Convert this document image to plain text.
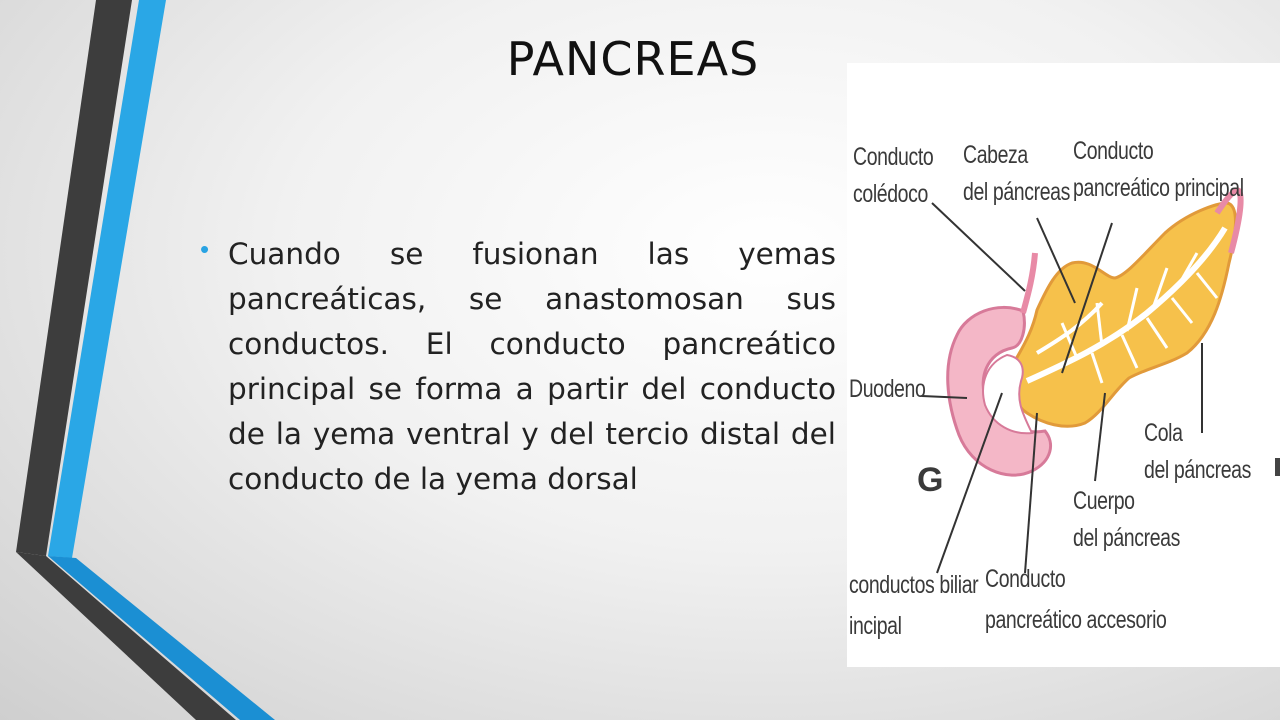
PANCREAS
• Cuando se fusionan las yemas pancreáticas, se anastomosan sus conductos. El conducto pancreático principal se forma a partir del conducto de la yema ventral y del tercio distal del conducto de la yema dorsal
Conducto
colédoco
Cabeza
del páncreas
Conducto
pancreático principal
Duodeno
G
Cola
del páncreas
Cuerpo
del páncreas
conductos biliar
incipal
Conducto
pancreático accesorio
